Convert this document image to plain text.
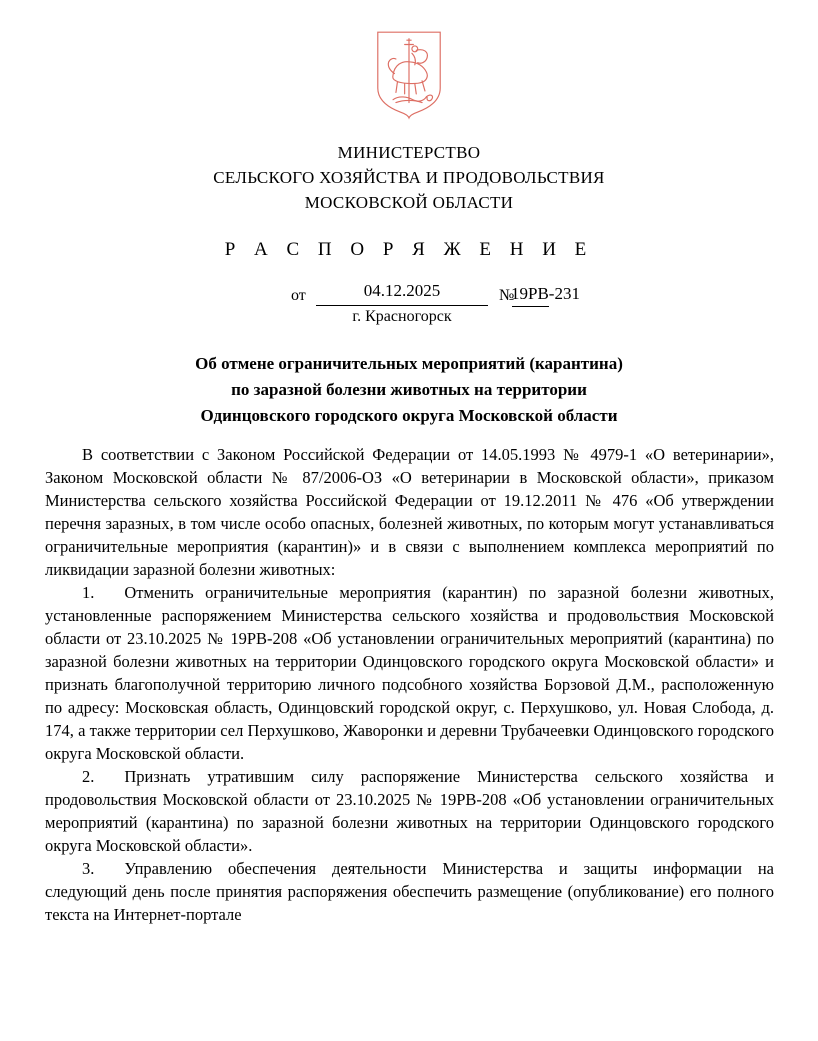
МИНИСТЕРСТВО
СЕЛЬСКОГО ХОЗЯЙСТВА И ПРОДОВОЛЬСТВИЯ
МОСКОВСКОЙ ОБЛАСТИ
Р А С П О Р Я Ж Е Н И Е
от	04.12.2025
г. Красногорск
№
19РВ-231
Об отмене ограничительных мероприятий (карантина)
по заразной болезни животных на территории
Одинцовского городского округа Московской области

В соответствии с Законом Российской Федерации от 14.05.1993 № 4979-1 «О ветеринарии», Законом Московской области № 87/2006-ОЗ «О ветеринарии в Московской области», приказом Министерства сельского хозяйства Российской Федерации от 19.12.2011 № 476 «Об утверждении перечня заразных, в том числе особо опасных, болезней животных, по которым могут устанавливаться ограничительные мероприятия (карантин)» и в связи с выполнением комплекса мероприятий по ликвидации заразной болезни животных:

1. Отменить ограничительные мероприятия (карантин) по заразной болезни животных, установленные распоряжением Министерства сельского хозяйства и продовольствия Московской области от 23.10.2025 № 19РВ-208 «Об установлении ограничительных мероприятий (карантина) по заразной болезни животных на территории Одинцовского городского округа Московской области» и признать благополучной территорию личного подсобного хозяйства Борзовой Д.М., расположенную по адресу: Московская область, Одинцовский городской округ, с. Перхушково, ул. Новая Слобода, д. 174, а также территории сел Перхушково, Жаворонки и деревни Трубачеевки Одинцовского городского округа Московской области.

2. Признать утратившим силу распоряжение Министерства сельского хозяйства и продовольствия Московской области от 23.10.2025 № 19РВ-208 «Об установлении ограничительных мероприятий (карантина) по заразной болезни животных на территории Одинцовского городского округа Московской области».

3. Управлению обеспечения деятельности Министерства и защиты информации на следующий день после принятия распоряжения обеспечить размещение (опубликование) его полного текста на Интернет-портале
